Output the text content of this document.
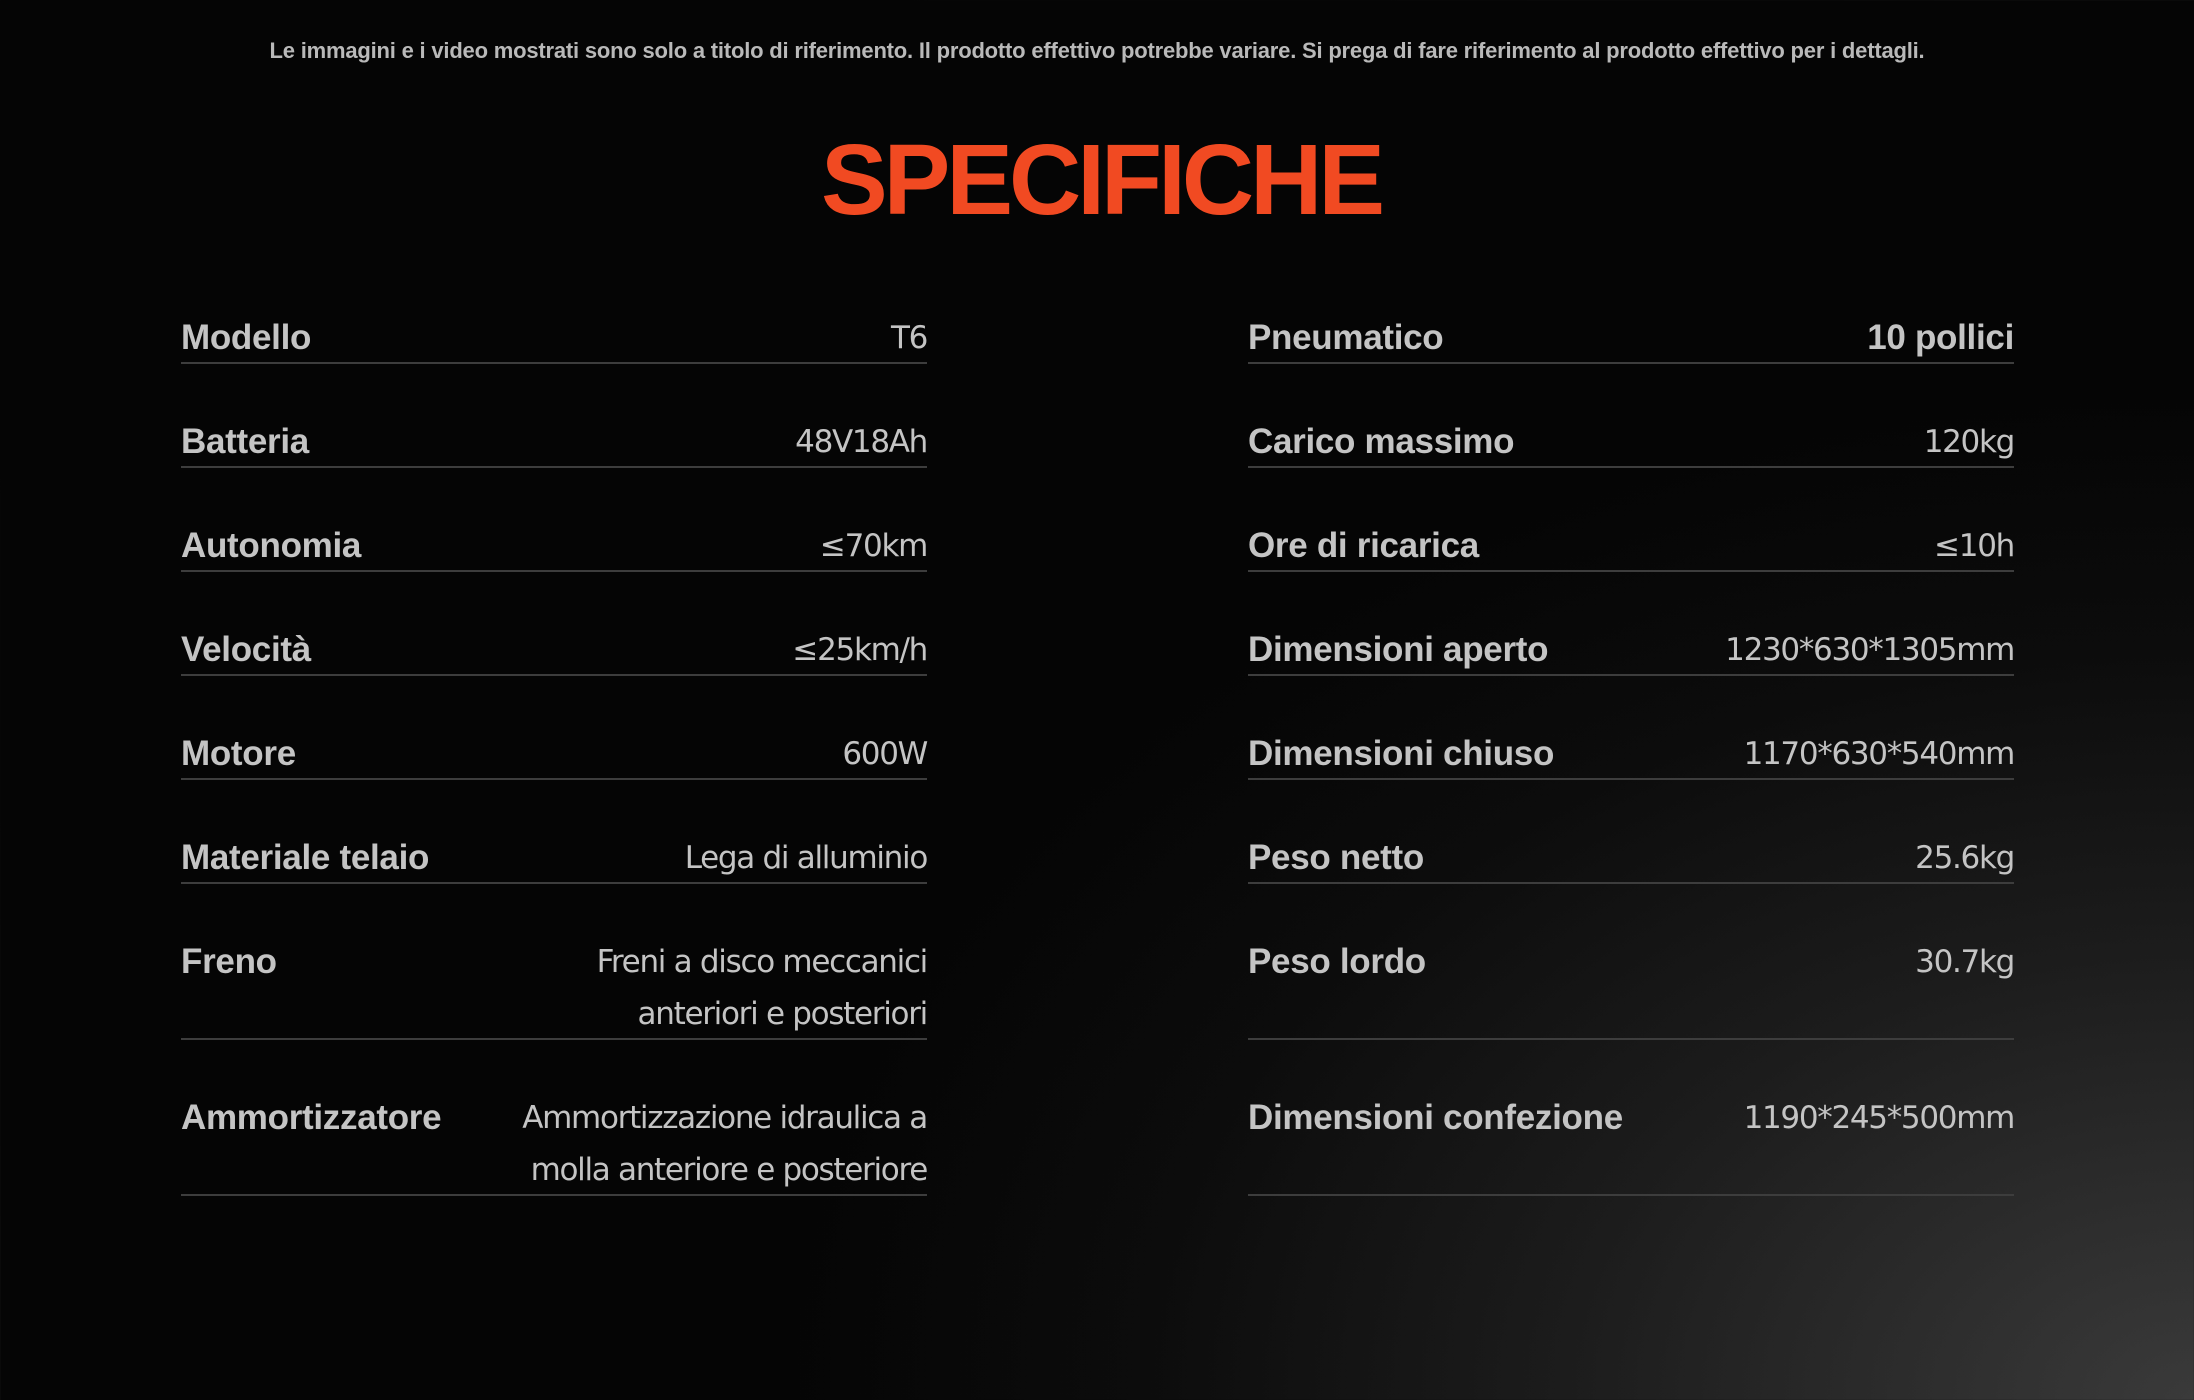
Le immagini e i video mostrati sono solo a titolo di riferimento. Il prodotto effettivo potrebbe variare. Si prega di fare riferimento al prodotto effettivo per i dettagli.
SPECIFICHE
Modello	T6
Batteria	48V18Ah
Autonomia	≤70km
Velocità	≤25km/h
Motore	600W
Materiale telaio	Lega di alluminio
Freno	Freni a disco meccanici
anteriori e posteriori
Ammortizzatore	Ammortizzazione idraulica a
molla anteriore e posteriore
Pneumatico	10 pollici
Carico massimo	120kg
Ore di ricarica	≤10h
Dimensioni aperto	1230*630*1305mm
Dimensioni chiuso	1170*630*540mm
Peso netto	25.6kg
Peso lordo	30.7kg
Dimensioni confezione	1190*245*500mm
